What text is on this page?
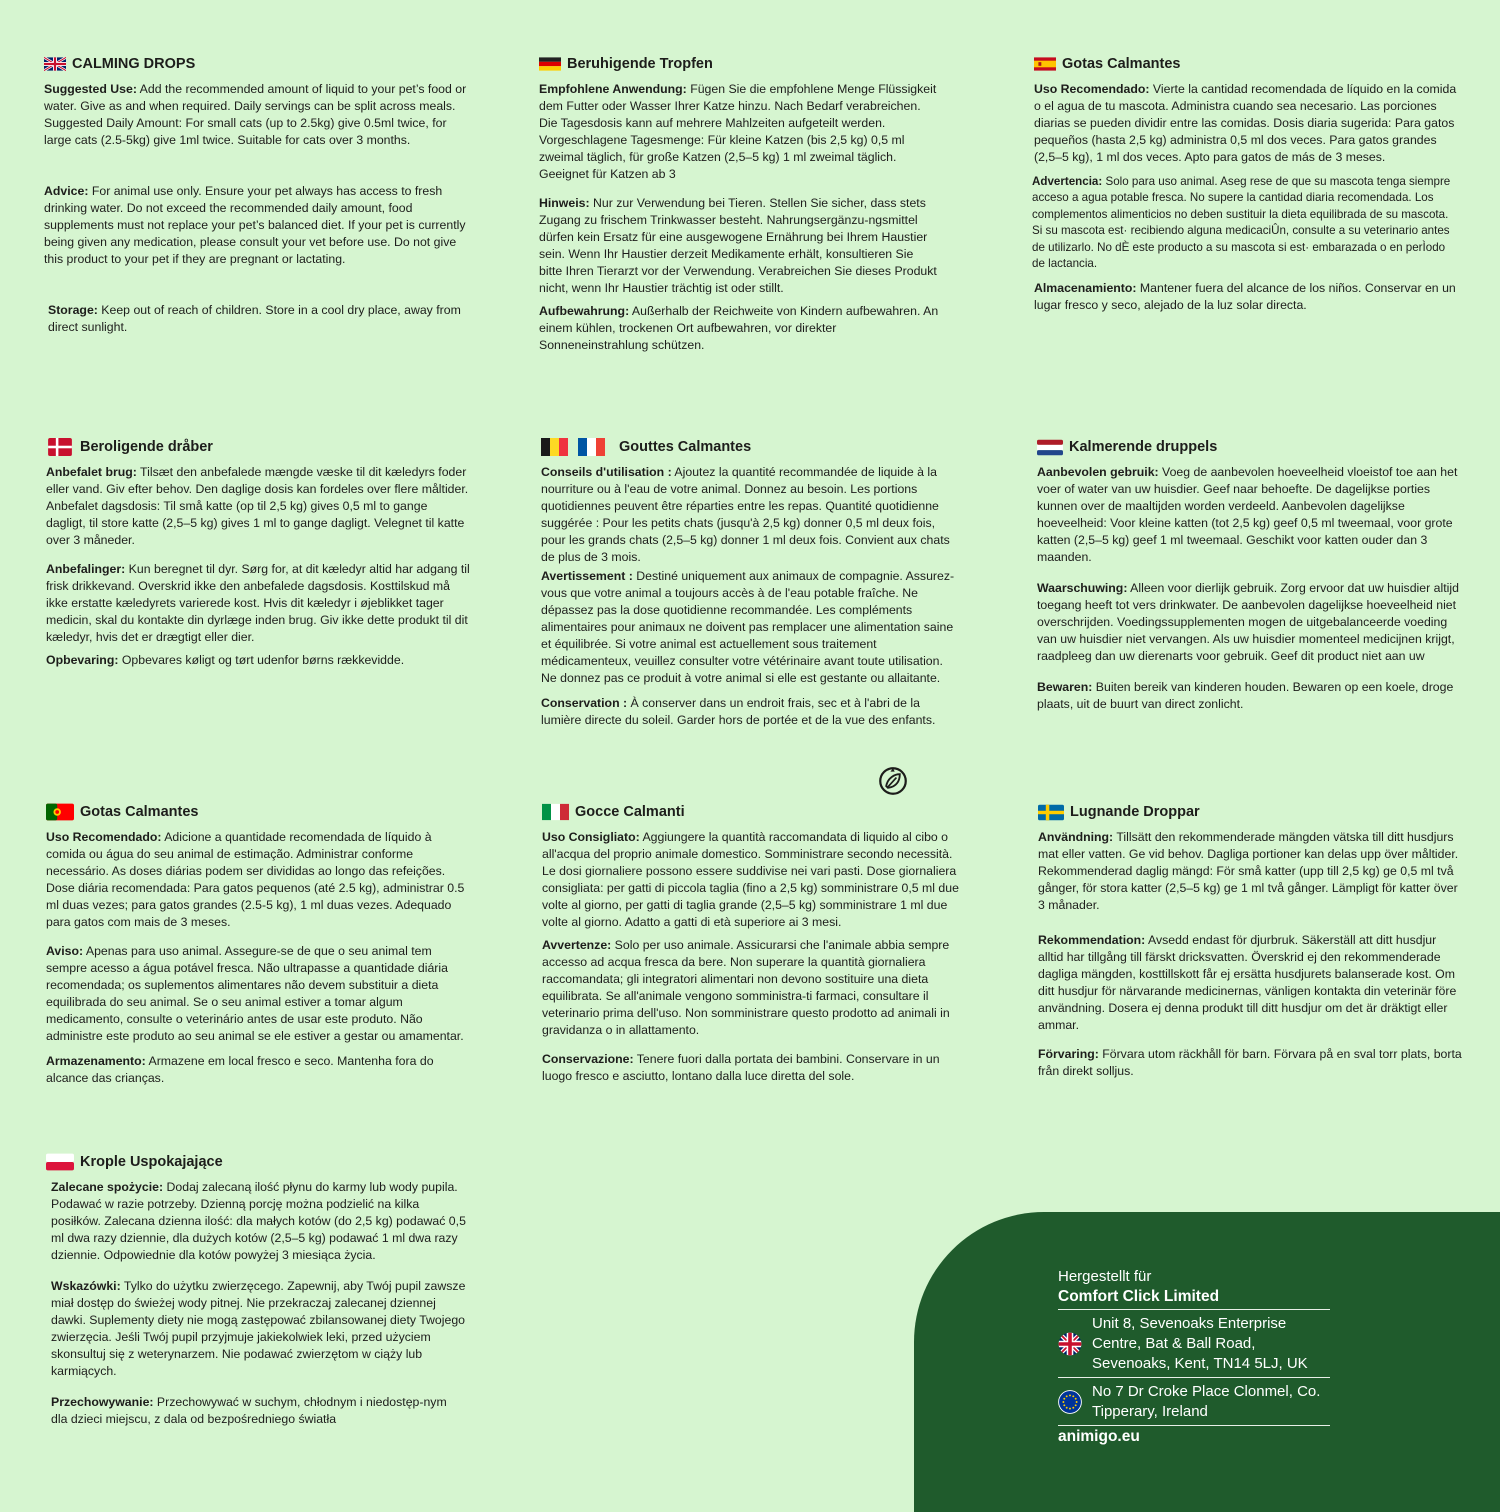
CALMING DROPS

Suggested Use: Add the recommended amount of liquid to your pet’s food or water. Give as and when required. Daily servings can be split across meals. Suggested Daily Amount: For small cats (up to 2.5kg) give 0.5ml twice, for large cats (2.5-5kg) give 1ml twice. Suitable for cats over 3 months.

Advice: For animal use only. Ensure your pet always has access to fresh drinking water. Do not exceed the recommended daily amount, food supplements must not replace your pet’s balanced diet. If your pet is currently being given any medication, please consult your vet before use. Do not give this product to your pet if they are pregnant or lactating.

Storage: Keep out of reach of children. Store in a cool dry place, away from direct sunlight.

Beruhigende Tropfen

Empfohlene Anwendung: Fügen Sie die empfohlene Menge Flüssigkeit dem Futter oder Wasser Ihrer Katze hinzu. Nach Bedarf verabreichen. Die Tagesdosis kann auf mehrere Mahlzeiten aufgeteilt werden. Vorgeschlagene Tagesmenge: Für kleine Katzen (bis 2,5 kg) 0,5 ml zweimal täglich, für große Katzen (2,5–5 kg) 1 ml zweimal täglich. Geeignet für Katzen ab 3

Hinweis: Nur zur Verwendung bei Tieren. Stellen Sie sicher, dass stets Zugang zu frischem Trinkwasser besteht. Nahrungsergänzu-ngsmittel dürfen kein Ersatz für eine ausgewogene Ernährung bei Ihrem Haustier sein. Wenn Ihr Haustier derzeit Medikamente erhält, konsultieren Sie bitte Ihren Tierarzt vor der Verwendung. Verabreichen Sie dieses Produkt nicht, wenn Ihr Haustier trächtig ist oder stillt.

Aufbewahrung: Außerhalb der Reichweite von Kindern aufbewahren. An einem kühlen, trockenen Ort aufbewahren, vor direkter Sonneneinstrahlung schützen.

Gotas Calmantes

Uso Recomendado: Vierte la cantidad recomendada de líquido en la comida o el agua de tu mascota. Administra cuando sea necesario. Las porciones diarias se pueden dividir entre las comidas. Dosis diaria sugerida: Para gatos pequeños (hasta 2,5 kg) administra 0,5 ml dos veces. Para gatos grandes (2,5–5 kg), 1 ml dos veces. Apto para gatos de más de 3 meses.

Advertencia: Solo para uso animal. Aseg rese de que su mascota tenga siempre acceso a agua potable fresca. No supere la cantidad diaria recomendada. Los complementos alimenticios no deben sustituir la dieta equilibrada de su mascota. Si su mascota est· recibiendo alguna medicaciÛn, consulte a su veterinario antes de utilizarlo. No dÈ este producto a su mascota si est· embarazada o en perÌodo de lactancia.

Almacenamiento: Mantener fuera del alcance de los niños. Conservar en un lugar fresco y seco, alejado de la luz solar directa.

Beroligende dråber

Anbefalet brug: Tilsæt den anbefalede mængde væske til dit kæledyrs foder eller vand. Giv efter behov. Den daglige dosis kan fordeles over flere måltider. Anbefalet dagsdosis: Til små katte (op til 2,5 kg) gives 0,5 ml to gange dagligt, til store katte (2,5–5 kg) gives 1 ml to gange dagligt. Velegnet til katte over 3 måneder.

Anbefalinger: Kun beregnet til dyr. Sørg for, at dit kæledyr altid har adgang til frisk drikkevand. Overskrid ikke den anbefalede dagsdosis. Kosttilskud må ikke erstatte kæledyrets varierede kost. Hvis dit kæledyr i øjeblikket tager medicin, skal du kontakte din dyrlæge inden brug. Giv ikke dette produkt til dit kæledyr, hvis det er drægtigt eller dier.

Opbevaring: Opbevares køligt og tørt udenfor børns rækkevidde.

Gouttes Calmantes

Conseils d'utilisation : Ajoutez la quantité recommandée de liquide à la nourriture ou à l'eau de votre animal. Donnez au besoin. Les portions quotidiennes peuvent être réparties entre les repas. Quantité quotidienne suggérée : Pour les petits chats (jusqu'à 2,5 kg) donner 0,5 ml deux fois, pour les grands chats (2,5–5 kg) donner 1 ml deux fois. Convient aux chats de plus de 3 mois.

Avertissement : Destiné uniquement aux animaux de compagnie. Assurez-vous que votre animal a toujours accès à de l'eau potable fraîche. Ne dépassez pas la dose quotidienne recommandée. Les compléments alimentaires pour animaux ne doivent pas remplacer une alimentation saine et équilibrée. Si votre animal est actuellement sous traitement médicamenteux, veuillez consulter votre vétérinaire avant toute utilisation. Ne donnez pas ce produit à votre animal si elle est gestante ou allaitante.

Conservation : À conserver dans un endroit frais, sec et à l'abri de la lumière directe du soleil. Garder hors de portée et de la vue des enfants.

Kalmerende druppels

Aanbevolen gebruik: Voeg de aanbevolen hoeveelheid vloeistof toe aan het voer of water van uw huisdier. Geef naar behoefte. De dagelijkse porties kunnen over de maaltijden worden verdeeld. Aanbevolen dagelijkse hoeveelheid: Voor kleine katten (tot 2,5 kg) geef 0,5 ml tweemaal, voor grote katten (2,5–5 kg) geef 1 ml tweemaal. Geschikt voor katten ouder dan 3 maanden.

Waarschuwing: Alleen voor dierlijk gebruik. Zorg ervoor dat uw huisdier altijd toegang heeft tot vers drinkwater. De aanbevolen dagelijkse hoeveelheid niet overschrijden. Voedingssupplementen mogen de uitgebalanceerde voeding van uw huisdier niet vervangen. Als uw huisdier momenteel medicijnen krijgt, raadpleeg dan uw dierenarts voor gebruik. Geef dit product niet aan uw

Bewaren: Buiten bereik van kinderen houden. Bewaren op een koele, droge plaats, uit de buurt van direct zonlicht.

Gotas Calmantes

Uso Recomendado: Adicione a quantidade recomendada de líquido à comida ou água do seu animal de estimação. Administrar conforme necessário. As doses diárias podem ser divididas ao longo das refeições. Dose diária recomendada: Para gatos pequenos (até 2.5 kg), administrar 0.5 ml duas vezes; para gatos grandes (2.5-5 kg), 1 ml duas vezes. Adequado para gatos com mais de 3 meses.

Aviso: Apenas para uso animal. Assegure-se de que o seu animal tem sempre acesso a água potável fresca. Não ultrapasse a quantidade diária recomendada; os suplementos alimentares não devem substituir a dieta equilibrada do seu animal. Se o seu animal estiver a tomar algum medicamento, consulte o veterinário antes de usar este produto. Não administre este produto ao seu animal se ele estiver a gestar ou amamentar.

Armazenamento: Armazene em local fresco e seco. Mantenha fora do alcance das crianças.

Gocce Calmanti

Uso Consigliato: Aggiungere la quantità raccomandata di liquido al cibo o all'acqua del proprio animale domestico. Somministrare secondo necessità. Le dosi giornaliere possono essere suddivise nei vari pasti. Dose giornaliera consigliata: per gatti di piccola taglia (fino a 2,5 kg) somministrare 0,5 ml due volte al giorno, per gatti di taglia grande (2,5–5 kg) somministrare 1 ml due volte al giorno. Adatto a gatti di età superiore ai 3 mesi.

Avvertenze: Solo per uso animale. Assicurarsi che l'animale abbia sempre accesso ad acqua fresca da bere. Non superare la quantità giornaliera raccomandata; gli integratori alimentari non devono sostituire una dieta equilibrata. Se all'animale vengono somministra-ti farmaci, consultare il veterinario prima dell'uso. Non somministrare questo prodotto ad animali in gravidanza o in allattamento.

Conservazione: Tenere fuori dalla portata dei bambini. Conservare in un luogo fresco e asciutto, lontano dalla luce diretta del sole.

Lugnande Droppar

Användning: Tillsätt den rekommenderade mängden vätska till ditt husdjurs mat eller vatten. Ge vid behov. Dagliga portioner kan delas upp över måltider. Rekommenderad daglig mängd: För små katter (upp till 2,5 kg) ge 0,5 ml två gånger, för stora katter (2,5–5 kg) ge 1 ml två gånger. Lämpligt för katter över 3 månader.

Rekommendation: Avsedd endast för djurbruk. Säkerställ att ditt husdjur alltid har tillgång till färskt dricksvatten. Överskrid ej den rekommenderade dagliga mängden, kosttillskott får ej ersätta husdjurets balanserade kost. Om ditt husdjur för närvarande medicinernas, vänligen kontakta din veterinär före användning. Dosera ej denna produkt till ditt husdjur om det är dräktigt eller ammar.

Förvaring: Förvara utom räckhåll för barn. Förvara på en sval torr plats, borta från direkt solljus.

Krople Uspokajające

Zalecane spożycie: Dodaj zalecaną ilość płynu do karmy lub wody pupila. Podawać w razie potrzeby. Dzienną porcję można podzielić na kilka posiłków. Zalecana dzienna ilość: dla małych kotów (do 2,5 kg) podawać 0,5 ml dwa razy dziennie, dla dużych kotów (2,5–5 kg) podawać 1 ml dwa razy dziennie. Odpowiednie dla kotów powyżej 3 miesiąca życia.

Wskazówki: Tylko do użytku zwierzęcego. Zapewnij, aby Twój pupil zawsze miał dostęp do świeżej wody pitnej. Nie przekraczaj zalecanej dziennej dawki. Suplementy diety nie mogą zastępować zbilansowanej diety Twojego zwierzęcia. Jeśli Twój pupil przyjmuje jakiekolwiek leki, przed użyciem skonsultuj się z weterynarzem. Nie podawać zwierzętom w ciąży lub karmiących.

Przechowywanie: Przechowywać w suchym, chłodnym i niedostęp-nym dla dzieci miejscu, z dala od bezpośredniego światła

Hergestellt für
Comfort Click Limited
Unit 8, Sevenoaks Enterprise Centre, Bat & Ball Road, Sevenoaks, Kent, TN14 5LJ, UK
No 7 Dr Croke Place Clonmel, Co. Tipperary, Ireland
animigo.eu
